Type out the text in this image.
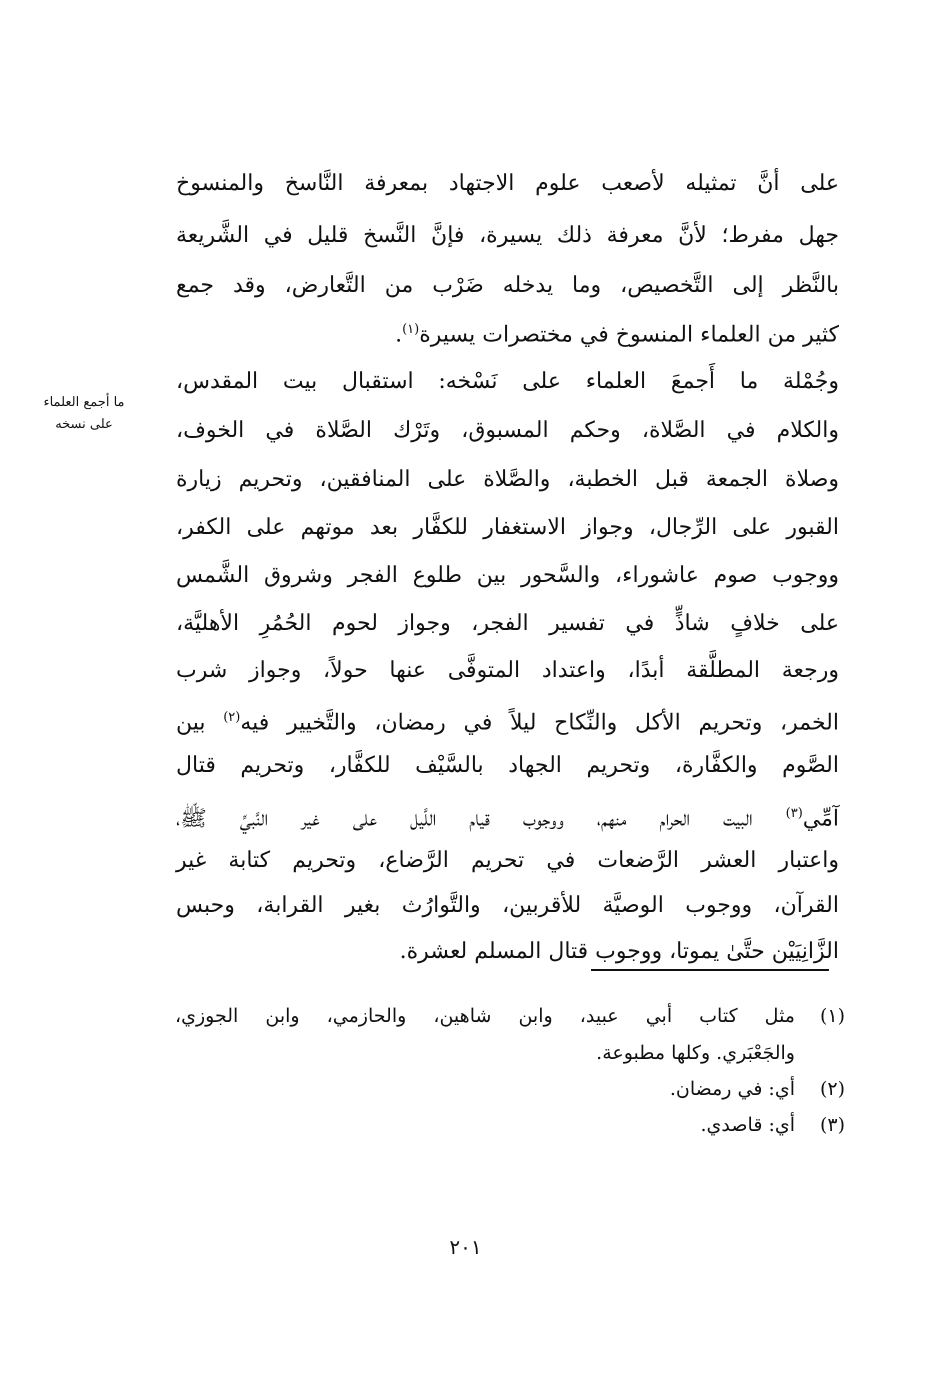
على أنَّ تمثيله لأصعب علوم الاجتهاد بمعرفة النَّاسخ والمنسوخ
جهل مفرط؛ لأنَّ معرفة ذلك يسيرة، فإنَّ النَّسخ قليل في الشَّريعة
بالنَّظر إلى التَّخصيص، وما يدخله ضَرْب من التَّعارض، وقد جمع
كثير من العلماء المنسوخ في مختصرات يسيرة$^{(١)}$.
وجُمْلة ما أَجمعَ العلماء على نَسْخه: استقبال بيت المقدس،
والكلام في الصَّلاة، وحكم المسبوق، وتَرْك الصَّلاة في الخوف،
وصلاة الجمعة قبل الخطبة، والصَّلاة على المنافقين، وتحريم زيارة
القبور على الرِّجال، وجواز الاستغفار للكفَّار بعد موتهم على الكفر،
ووجوب صوم عاشوراء، والسَّحور بين طلوع الفجر وشروق الشَّمس
على خلافٍ شاذٍّ في تفسير الفجر، وجواز لحوم الحُمُرِ الأهليَّة،
ورجعة المطلَّقة أبدًا، واعتداد المتوفَّى عنها حولاً، وجواز شرب
الخمر، وتحريم الأكل والنِّكاح ليلاً في رمضان، والتَّخيير فيه$^{(٢)}$ بين
الصَّوم والكفَّارة، وتحريم الجهاد بالسَّيْف للكفَّار، وتحريم قتال
آمِّي$^{(٣)}$ البيت الحرام منهم، ووجوب قيام اللَّيل على غير النَّبيِّ ﷺ،
واعتبار العشر الرَّضعات في تحريم الرَّضاع، وتحريم كتابة غير
القرآن، ووجوب الوصيَّة للأقربين، والتَّوارُث بغير القرابة، وحبس
الزَّانِيَيْن حتَّىٰ يموتا، ووجوب قتال المسلم لعشرة.
ما أجمع العلماء
على نسخه
(١)
مثل كتاب أبي عبيد، وابن شاهين، والحازمي، وابن الجوزي،
والجَعْبَري. وكلها مطبوعة.
(٢)
أي: في رمضان.
(٣)
أي: قاصدي.
٢٠١
